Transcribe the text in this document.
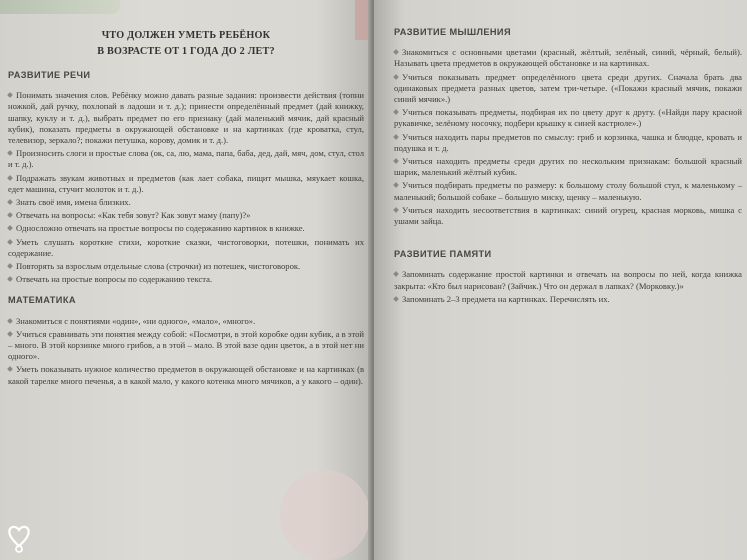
ЧТО ДОЛЖЕН УМЕТЬ РЕБЁНОК
В ВОЗРАСТЕ ОТ 1 ГОДА ДО 2 ЛЕТ?
РАЗВИТИЕ РЕЧИ
Понимать значения слов. Ребёнку можно давать разные задания: произвести действия (топни ножкой, дай ручку, похлопай в ладоши и т. д.); принести определённый предмет (дай книжку, шапку, куклу и т. д.), выбрать предмет по его признаку (дай маленький мячик, дай красный кубик), показать предметы в окружающей обстановке и на картинках (где кроватка, стул, телевизор, зеркало?; покажи петушка, корову, домик и т. д.).
Произносить слоги и простые слова (ок, са, лю, мама, папа, баба, дед, дай, мяч, дом, стул, стол и т. д.).
Подражать звукам животных и предметов (как лает собака, пищит мышка, мяукает кошка, едет машина, стучит молоток и т. д.).
Знать своё имя, имена близких.
Отвечать на вопросы: «Как тебя зовут? Как зовут маму (папу)?»
Односложно отвечать на простые вопросы по содержанию картинок в книжке.
Уметь слушать короткие стихи, короткие сказки, чистоговорки, потешки, понимать их содержание.
Повторять за взрослым отдельные слова (строчки) из потешек, чистоговорок.
Отвечать на простые вопросы по содержанию текста.
МАТЕМАТИКА
Знакомиться с понятиями «один», «ни одного», «мало», «много».
Учиться сравнивать эти понятия между собой: «Посмотри, в этой коробке один кубик, а в этой – много. В этой корзинке много грибов, а в этой – мало. В этой вазе один цветок, а в этой нет ни одного».
Уметь показывать нужное количество предметов в окружающей обстановке и на картинках (в какой тарелке много печенья, а в какой мало, у какого котенка много мячиков, а у какого – один).
РАЗВИТИЕ МЫШЛЕНИЯ
Знакомиться с основными цветами (красный, жёлтый, зелёный, синий, чёрный, белый). Называть цвета предметов в окружающей обстановке и на картинках.
Учиться показывать предмет определённого цвета среди других. Сначала брать два одинаковых предмета разных цветов, затем три-четыре. («Покажи красный мячик, покажи синий мячик».)
Учиться показывать предметы, подбирая их по цвету друг к другу. («Найди пару красной рукавичке, зелёному носочку, подбери крышку к синей кастрюле».)
Учиться находить пары предметов по смыслу: гриб и корзинка, чашка и блюдце, кровать и подушка и т. д.
Учиться находить предметы среди других по нескольким признакам: большой красный шарик, маленький жёлтый кубик.
Учиться подбирать предметы по размеру: к большому столу большой стул, к маленькому – маленький; большой собаке – большую миску, щенку – маленькую.
Учиться находить несоответствия в картинках: синий огурец, красная морковь, мишка с ушами зайца.
РАЗВИТИЕ ПАМЯТИ
Запоминать содержание простой картинки и отвечать на вопросы по ней, когда книжка закрыта: «Кто был нарисован? (Зайчик.) Что он держал в лапках? (Морковку.)»
Запоминать 2–3 предмета на картинках. Перечислять их.
